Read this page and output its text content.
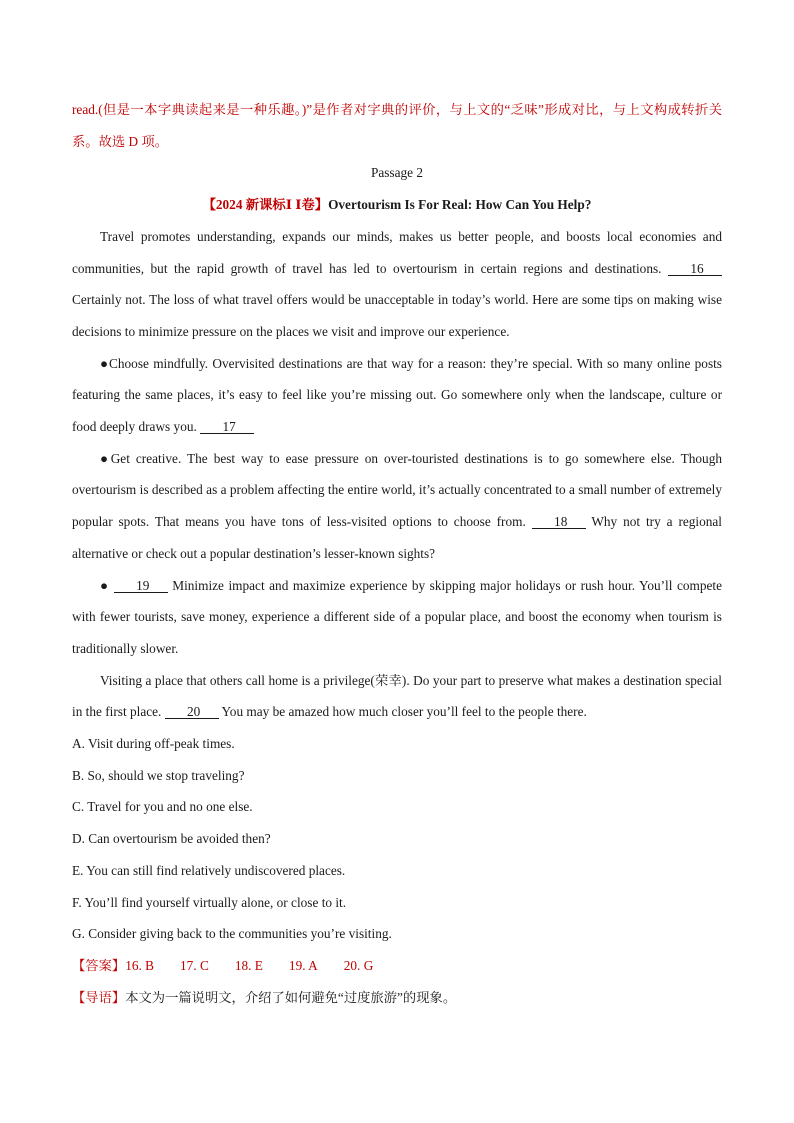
read.(但是一本字典读起来是一种乐趣。)”是作者对字典的评价，与上文的“乏味”形成对比，与上文构成转折关系。故选 D 项。

Passage 2

【2024 新课标Ⅰ Ⅰ卷】Overtourism Is For Real: How Can You Help?

Travel promotes understanding, expands our minds, makes us better people, and boosts local economies and communities, but the rapid growth of travel has led to overtourism in certain regions and destinations. 16 Certainly not. The loss of what travel offers would be unacceptable in today’s world. Here are some tips on making wise decisions to minimize pressure on the places we visit and improve our experience.

●Choose mindfully. Overvisited destinations are that way for a reason: they’re special. With so many online posts featuring the same places, it’s easy to feel like you’re missing out. Go somewhere only when the landscape, culture or food deeply draws you. 17

●Get creative. The best way to ease pressure on over-touristed destinations is to go somewhere else. Though overtourism is described as a problem affecting the entire world, it’s actually concentrated to a small number of extremely popular spots. That means you have tons of less-visited options to choose from. 18 Why not try a regional alternative or check out a popular destination’s lesser-known sights?

● 19 Minimize impact and maximize experience by skipping major holidays or rush hour. You’ll compete with fewer tourists, save money, experience a different side of a popular place, and boost the economy when tourism is traditionally slower.

Visiting a place that others call home is a privilege(荣幸). Do your part to preserve what makes a destination special in the first place. 20 You may be amazed how much closer you’ll feel to the people there.

A. Visit during off-peak times.

B. So, should we stop traveling?

C. Travel for you and no one else.

D. Can overtourism be avoided then?

E. You can still find relatively undiscovered places.

F. You’ll find yourself virtually alone, or close to it.

G. Consider giving back to the communities you’re visiting.

【答案】16. B 17. C 18. E 19. A 20. G

【导语】本文为一篇说明文，介绍了如何避免“过度旅游”的现象。
